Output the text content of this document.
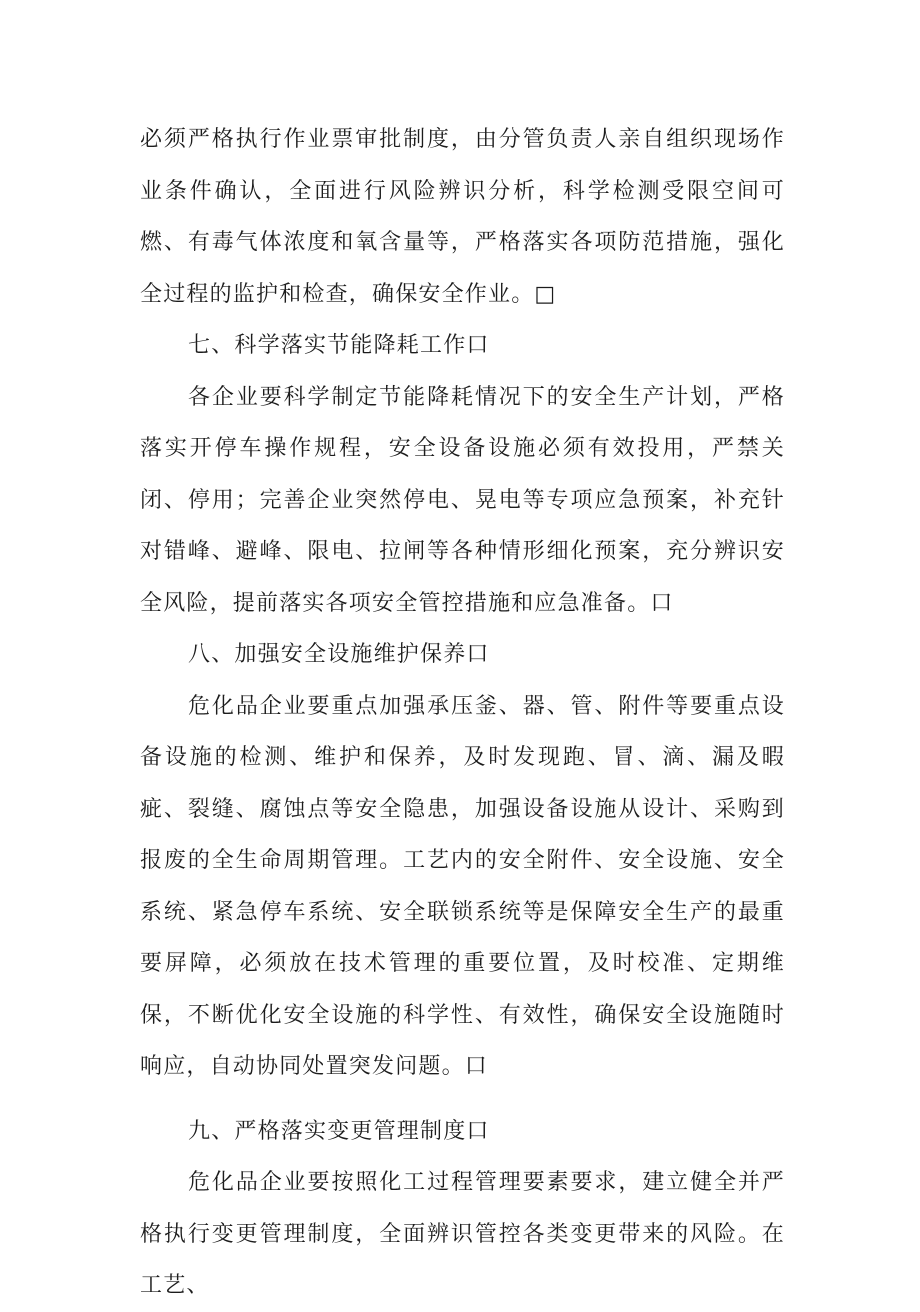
必须严格执行作业票审批制度，由分管负责人亲自组织现场作业条件确认，全面进行风险辨识分析，科学检测受限空间可燃、有毒气体浓度和氧含量等，严格落实各项防范措施，强化全过程的监护和检查，确保安全作业。□

七、科学落实节能降耗工作口

各企业要科学制定节能降耗情况下的安全生产计划，严格落实开停车操作规程，安全设备设施必须有效投用，严禁关闭、停用；完善企业突然停电、晃电等专项应急预案，补充针对错峰、避峰、限电、拉闸等各种情形细化预案，充分辨识安全风险，提前落实各项安全管控措施和应急准备。口

八、加强安全设施维护保养口

危化品企业要重点加强承压釜、器、管、附件等要重点设备设施的检测、维护和保养，及时发现跑、冒、滴、漏及暇疵、裂缝、腐蚀点等安全隐患，加强设备设施从设计、采购到报废的全生命周期管理。工艺内的安全附件、安全设施、安全系统、紧急停车系统、安全联锁系统等是保障安全生产的最重要屏障，必须放在技术管理的重要位置，及时校准、定期维保，不断优化安全设施的科学性、有效性，确保安全设施随时响应，自动协同处置突发问题。口

九、严格落实变更管理制度口

危化品企业要按照化工过程管理要素要求，建立健全并严格执行变更管理制度，全面辨识管控各类变更带来的风险。在工艺、
